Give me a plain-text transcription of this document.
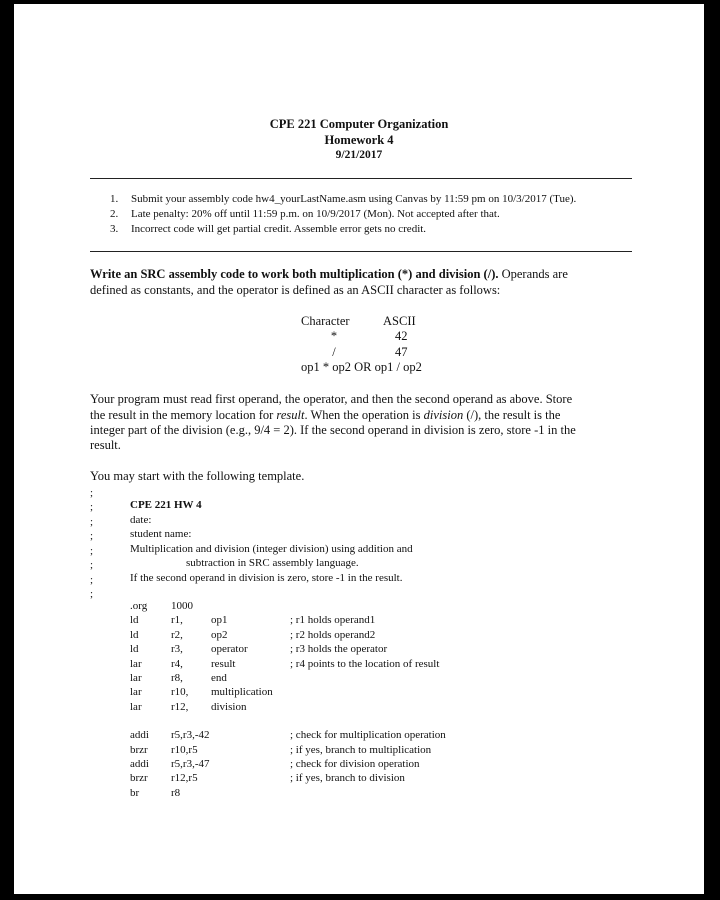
CPE 221 Computer Organization
Homework 4
9/21/2017
1. Submit your assembly code hw4_yourLastName.asm using Canvas by 11:59 pm on 10/3/2017 (Tue).
2. Late penalty: 20% off until 11:59 p.m. on 10/9/2017 (Mon). Not accepted after that.
3. Incorrect code will get partial credit. Assemble error gets no credit.
Write an SRC assembly code to work both multiplication (*) and division (/). Operands are
defined as constants, and the operator is defined as an ASCII character as follows:
Character	ASCII
*	42
/	47
op1 * op2 OR op1 / op2
Your program must read first operand, the operator, and then the second operand as above. Store
the result in the memory location for result. When the operation is division (/), the result is the
integer part of the division (e.g., 9/4 = 2). If the second operand in division is zero, store -1 in the
result.
You may start with the following template.
;
;	CPE 221 HW 4
;	date:
;	student name:
;	Multiplication and division (integer division) using addition and
;	subtraction in SRC assembly language.
;	If the second operand in division is zero, store -1 in the result.
;
.org 1000
ld	r1,	op1	; r1 holds operand1
ld	r2,	op2	; r2 holds operand2
ld	r3,	operator	; r3 holds the operator
lar	r4,	result	; r4 points to the location of result
lar	r8,	end
lar	r10, multiplication
lar	r12, division
addi r5,r3,-42	; check for multiplication operation
brzr r10,r5	; if yes, branch to multiplication
addi r5,r3,-47	; check for division operation
brzr r12,r5	; if yes, branch to division
br	r8
